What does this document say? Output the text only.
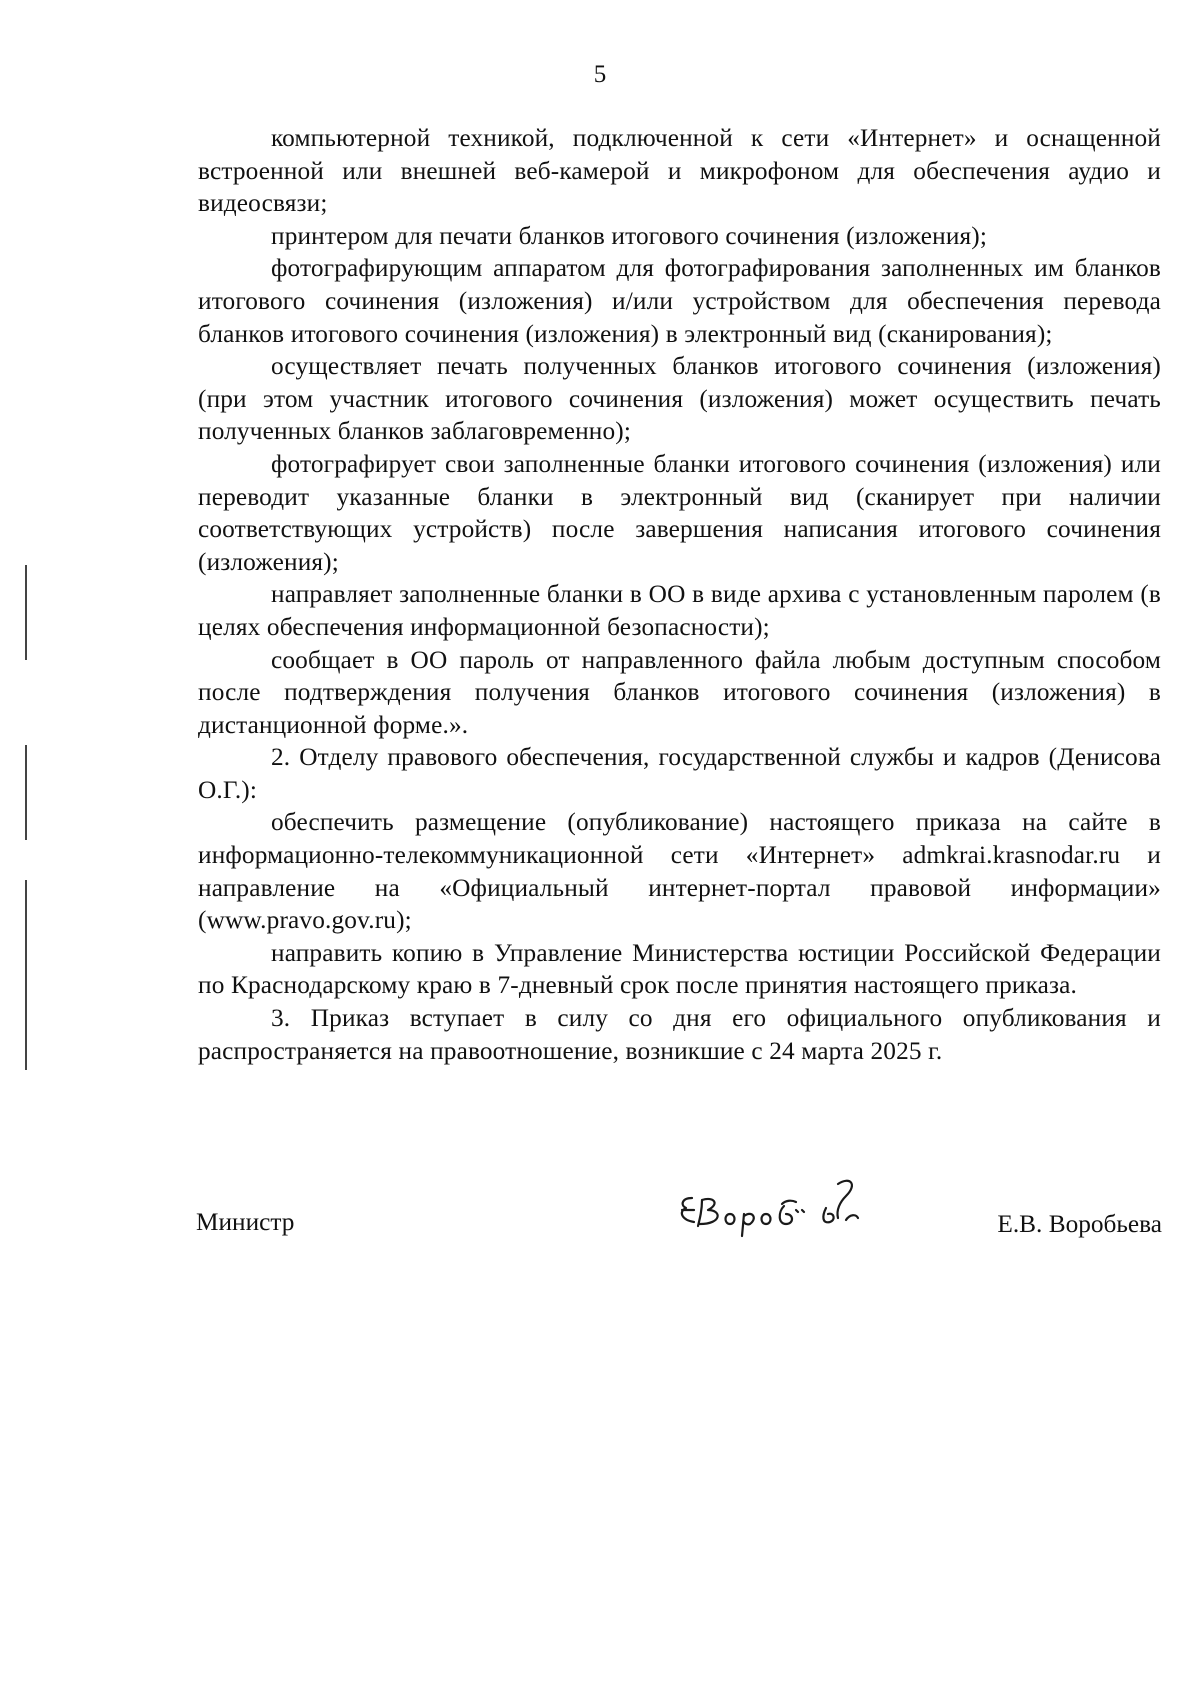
5

компьютерной техникой, подключенной к сети «Интернет» и оснащенной встроенной или внешней веб-камерой и микрофоном для обеспечения аудио и видеосвязи;

принтером для печати бланков итогового сочинения (изложения);

фотографирующим аппаратом для фотографирования заполненных им бланков итогового сочинения (изложения) и/или устройством для обеспечения перевода бланков итогового сочинения (изложения) в электронный вид (сканирования);

осуществляет печать полученных бланков итогового сочинения (изложения) (при этом участник итогового сочинения (изложения) может осуществить печать полученных бланков заблаговременно);

фотографирует свои заполненные бланки итогового сочинения (изложения) или переводит указанные бланки в электронный вид (сканирует при наличии соответствующих устройств) после завершения написания итогового сочинения (изложения);

направляет заполненные бланки в ОО в виде архива с установленным паролем (в целях обеспечения информационной безопасности);

сообщает в ОО пароль от направленного файла любым доступным способом после подтверждения получения бланков итогового сочинения (изложения) в дистанционной форме.».

2. Отделу правового обеспечения, государственной службы и кадров (Денисова О.Г.):

обеспечить размещение (опубликование) настоящего приказа на сайте в информационно-телекоммуникационной сети «Интернет» admkrai.krasnodar.ru и направление на «Официальный интернет-портал правовой информации» (www.pravo.gov.ru);

направить копию в Управление Министерства юстиции Российской Федерации по Краснодарскому краю в 7-дневный срок после принятия настоящего приказа.

3. Приказ вступает в силу со дня его официального опубликования и распространяется на правоотношение, возникшие с 24 марта 2025 г.

Министр	Е.В. Воробьева
